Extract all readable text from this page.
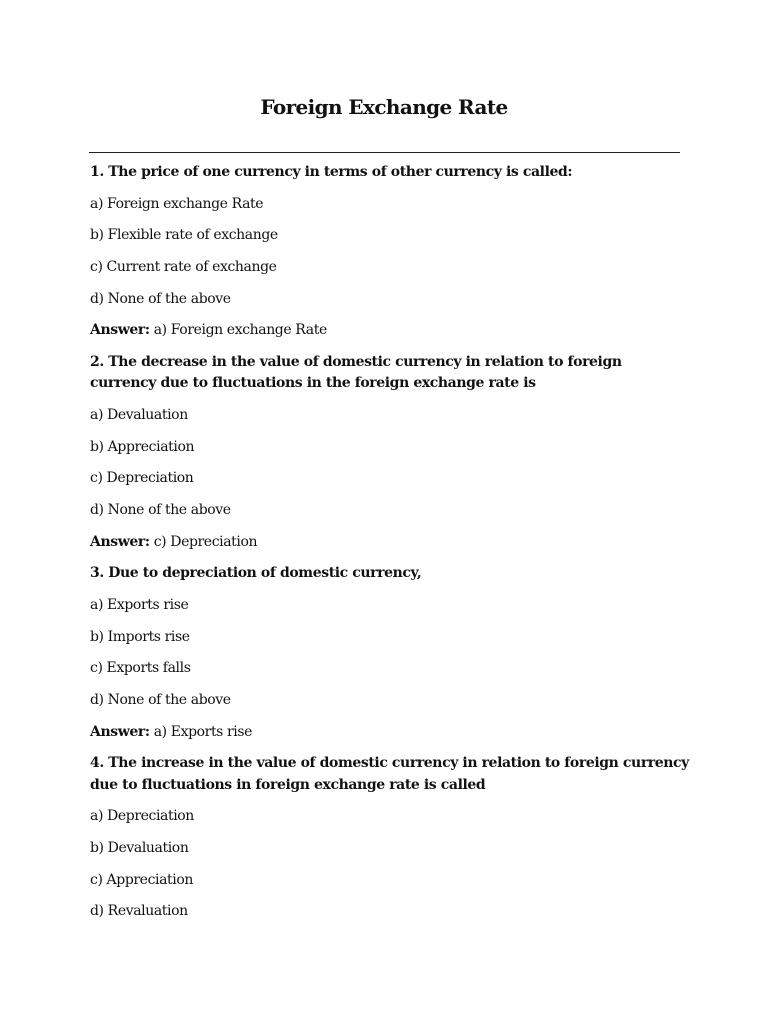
Foreign Exchange Rate

1. The price of one currency in terms of other currency is called:

a) Foreign exchange Rate
b) Flexible rate of exchange
c) Current rate of exchange
d) None of the above
Answer: a) Foreign exchange Rate

2. The decrease in the value of domestic currency in relation to foreign currency due to fluctuations in the foreign exchange rate is

a) Devaluation
b) Appreciation
c) Depreciation
d) None of the above
Answer: c) Depreciation

3. Due to depreciation of domestic currency,

a) Exports rise
b) Imports rise
c) Exports falls
d) None of the above
Answer: a) Exports rise

4. The increase in the value of domestic currency in relation to foreign currency due to fluctuations in foreign exchange rate is called

a) Depreciation
b) Devaluation
c) Appreciation
d) Revaluation
